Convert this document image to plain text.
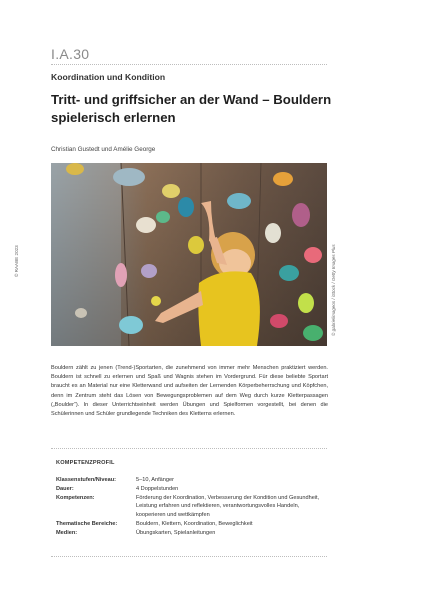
I.A.30
Koordination und Kondition
Tritt- und griffsicher an der Wand – Bouldern spielerisch erlernen
Christian Gustedt und Amélie George
© RAABE 2023	© gabrielimageos / iStock / Getty Images Plus

Bouldern zählt zu jenen (Trend-)Sportarten, die zunehmend von immer mehr Menschen praktiziert werden. Bouldern ist schnell zu erlernen und Spaß und Wagnis stehen im Vordergrund. Für diese beliebte Sportart braucht es an Material nur eine Kletterwand und aufseiten der Lernenden Körperbeherrschung und Köpfchen, denn im Zentrum steht das Lösen von Bewegungsproblemen auf dem Weg durch kurze Kletterpassagen („Boulder“). In dieser Unterrichtseinheit werden Übungen und Spielformen vorgestellt, bei denen die Schülerinnen und Schüler grundlegende Techniken des Kletterns erlernen.

KOMPETENZPROFIL
Klassenstufen/Niveau:	5–10, Anfänger
Dauer:	4 Doppelstunden
Kompetenzen:	Förderung der Koordination, Verbesserung der Kondition und Gesundheit, Leistung erfahren und reflektieren, verantwortungsvolles Handeln, kooperieren und wettkämpfen
Thematische Bereiche:	Bouldern, Klettern, Koordination, Beweglichkeit
Medien:	Übungskarten, Spielanleitungen
